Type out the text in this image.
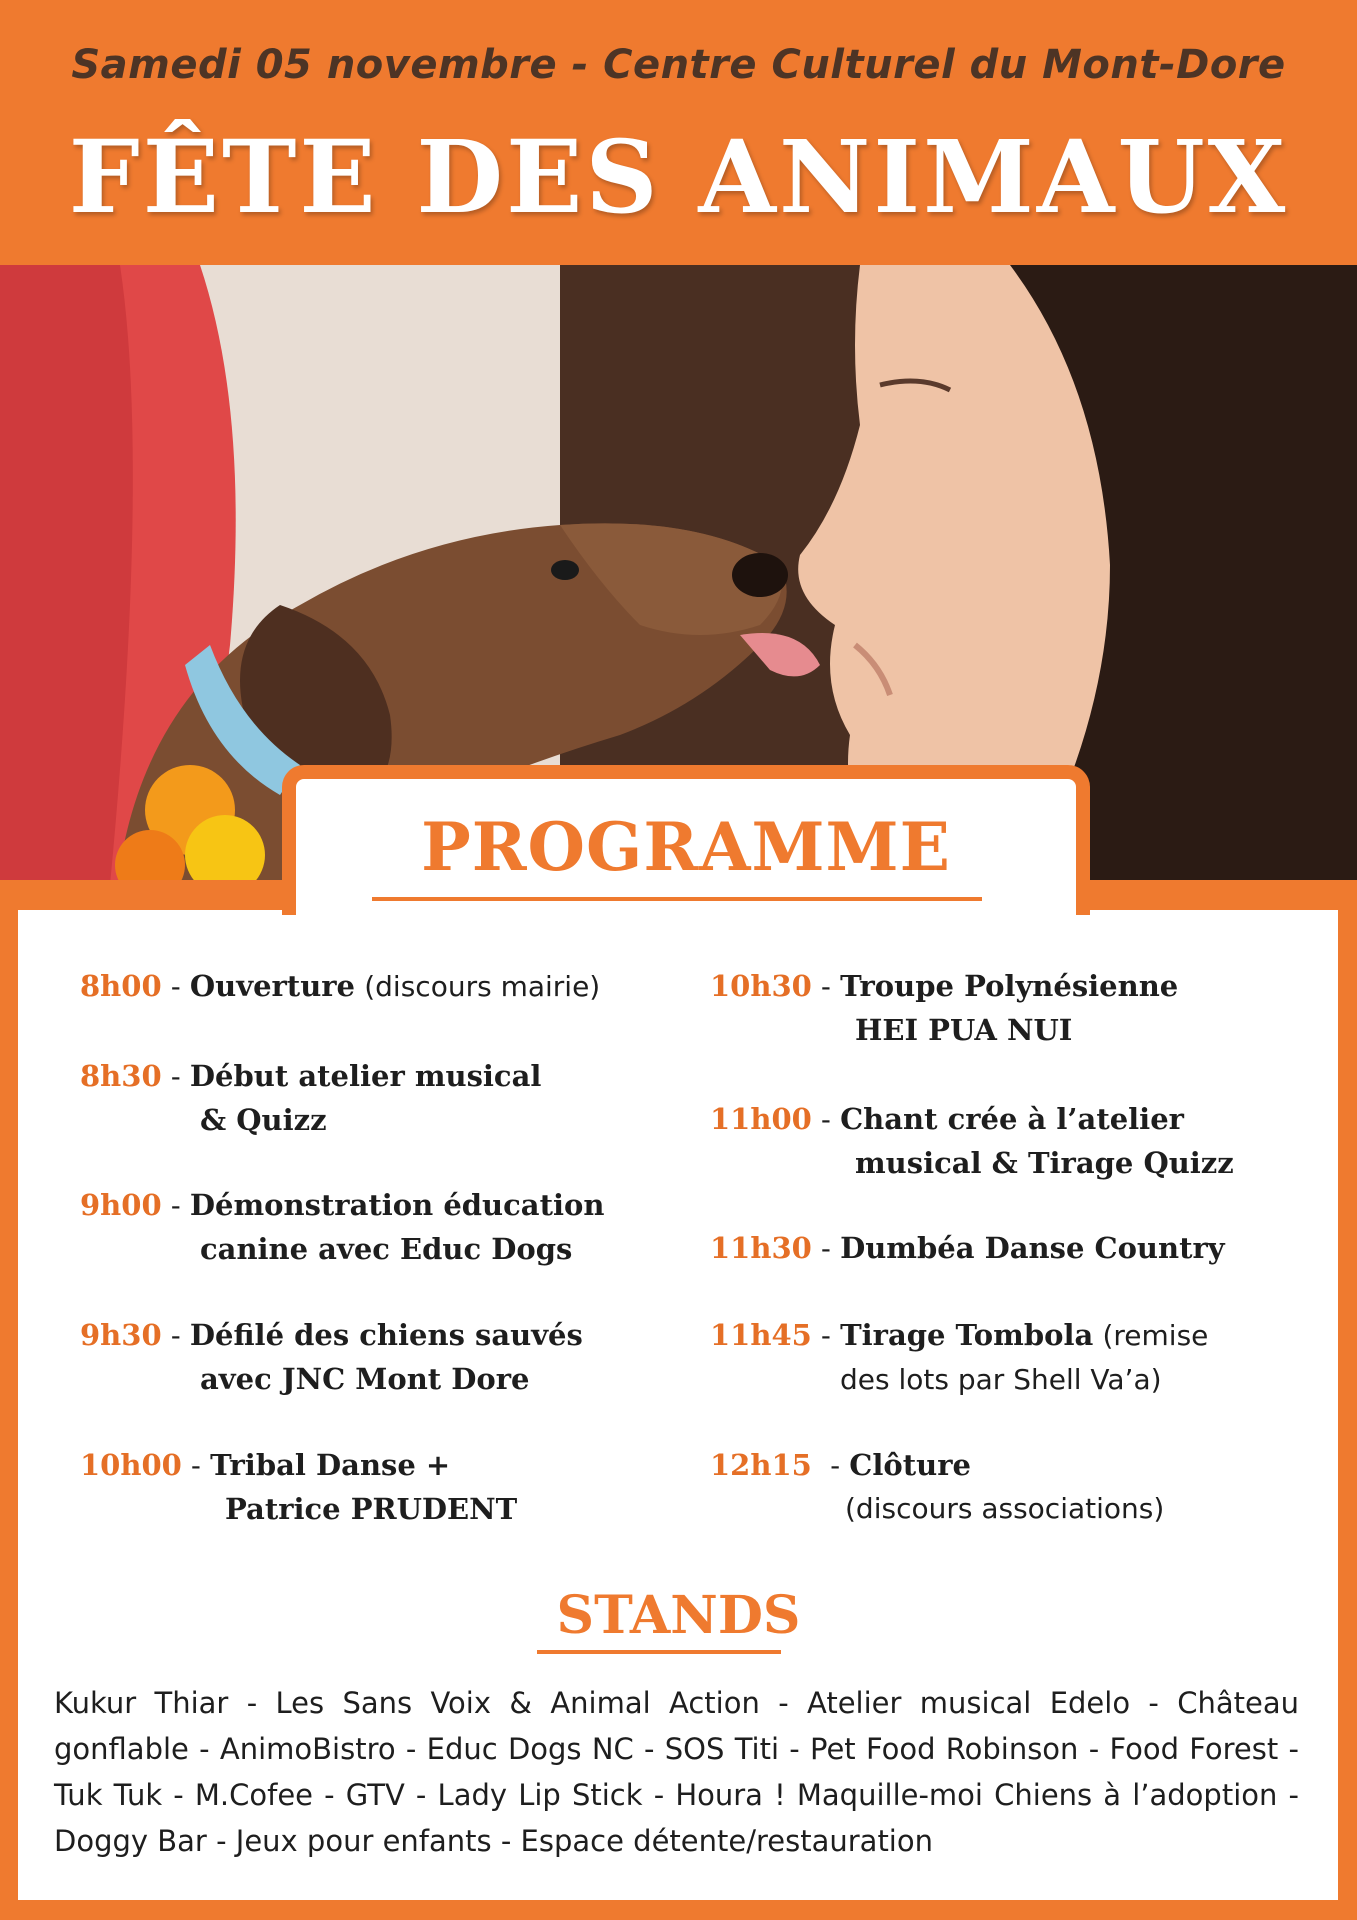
Samedi 05 novembre - Centre Culturel du Mont-Dore
FÊTE DES ANIMAUX
PROGRAMME
8h00 - Ouverture (discours mairie)
8h30 - Début atelier musical
& Quizz
9h00 - Démonstration éducation
canine avec Educ Dogs
9h30 - Défilé des chiens sauvés
avec JNC Mont Dore
10h00 - Tribal Danse +
Patrice PRUDENT
10h30 - Troupe Polynésienne
HEI PUA NUI
11h00 - Chant crée à l’atelier
musical & Tirage Quizz
11h30 - Dumbéa Danse Country
11h45 - Tirage Tombola (remise
des lots par Shell Va’a)
12h15  - Clôture
(discours associations)
STANDS
Kukur Thiar - Les Sans Voix & Animal Action - Atelier musical Edelo - Château gonflable - AnimoBistro - Educ Dogs NC - SOS Titi - Pet Food Robinson - Food Forest - Tuk Tuk - M.Cofee - GTV - Lady Lip Stick - Houra ! Maquille-moi Chiens à l’adoption - Doggy Bar - Jeux pour enfants - Espace détente/restauration
